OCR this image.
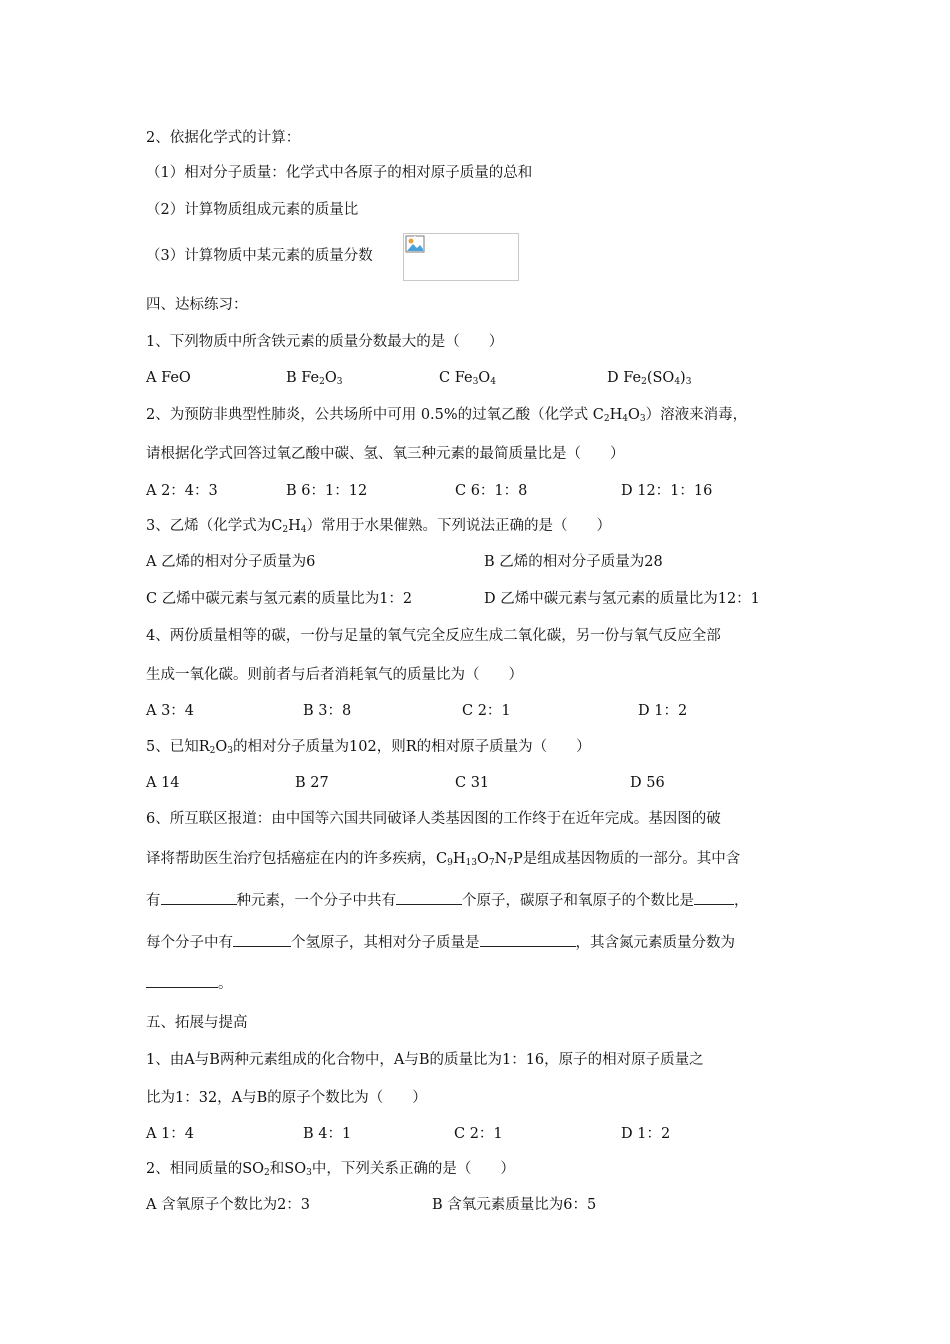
2、依据化学式的计算：
（1）相对分子质量：化学式中各原子的相对原子质量的总和
（2）计算物质组成元素的质量比
（3）计算物质中某元素的质量分数
四、达标练习：
1、下列物质中所含铁元素的质量分数最大的是（　　）
A FeO	B $Fe_2O_3$	C $Fe_3O_4$	D $Fe_2(SO_4)_3$
2、为预防非典型性肺炎，公共场所中可用 0.5%的过氧乙酸（化学式 $C_2H_4O_3$）溶液来消毒，
请根据化学式回答过氧乙酸中碳、氢、氧三种元素的最简质量比是（　　）
A 2：4：3	B 6：1：12	C 6：1：8	D 12：1：16
3、乙烯（化学式为$C_2H_4$）常用于水果催熟。下列说法正确的是（　　）
A 乙烯的相对分子质量为6	B 乙烯的相对分子质量为28
C 乙烯中碳元素与氢元素的质量比为1：2	D 乙烯中碳元素与氢元素的质量比为12：1
4、两份质量相等的碳，一份与足量的氧气完全反应生成二氧化碳，另一份与氧气反应全部
生成一氧化碳。则前者与后者消耗氧气的质量比为（　　）
A 3：4	B 3：8	C 2：1	D 1：2
5、已知$R_2O_3$的相对分子质量为102，则R的相对原子质量为（　　）
A 14	B 27	C 31	D 56
6、所互联区报道：由中国等六国共同破译人类基因图的工作终于在近年完成。基因图的破
译将帮助医生治疗包括癌症在内的许多疾病，$C_9H_{13}O_7N_7P$是组成基因物质的一部分。其中含
有	种元素，一个分子中共有	个原子，碳原子和氧原子的个数比是	，
每个分子中有	个氢原子，其相对分子质量是	，其含氮元素质量分数为
。
五、拓展与提高
1、由A与B两种元素组成的化合物中，A与B的质量比为1：16，原子的相对原子质量之
比为1：32，A与B的原子个数比为（　　）
A 1：4	B 4：1	C 2：1	D 1：2
2、相同质量的$SO_2$和$SO_3$中，下列关系正确的是（　　）
A 含氧原子个数比为2：3	B 含氧元素质量比为6：5
